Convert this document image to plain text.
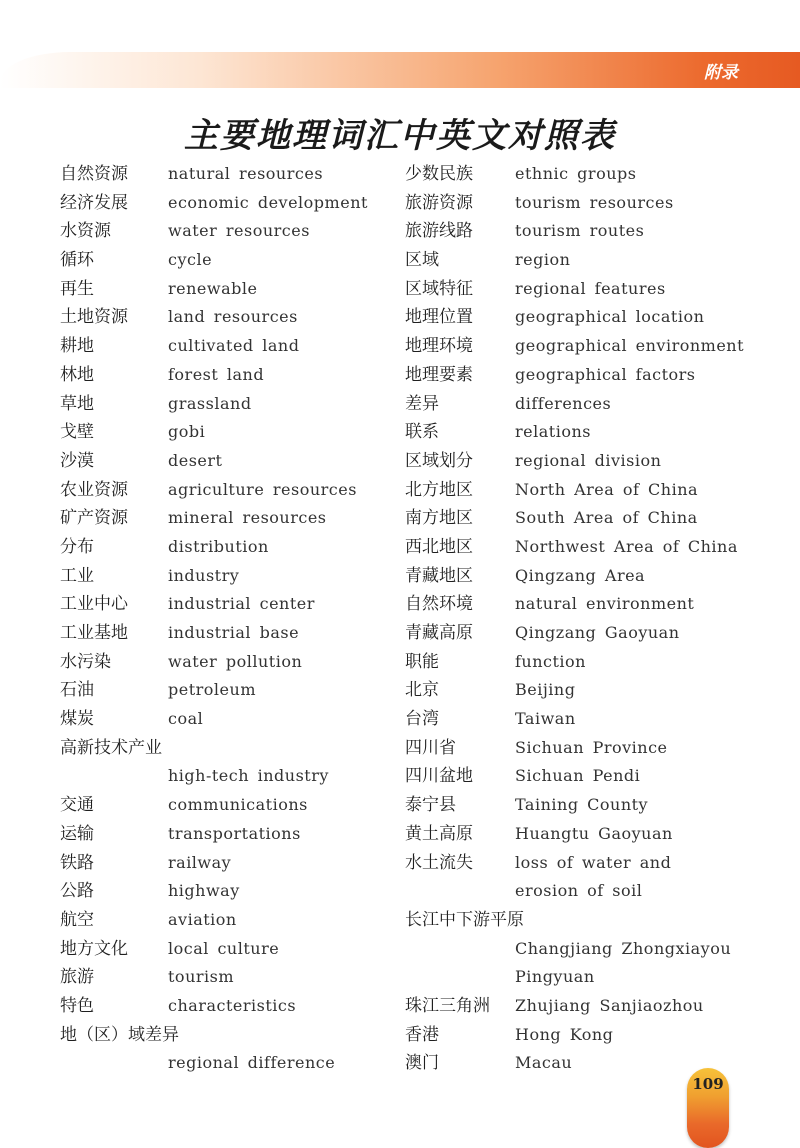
附录
主要地理词汇中英文对照表
自然资源	natural resources
经济发展	economic development
水资源	water resources
循环	cycle
再生	renewable
土地资源	land resources
耕地	cultivated land
林地	forest land
草地	grassland
戈壁	gobi
沙漠	desert
农业资源	agriculture resources
矿产资源	mineral resources
分布	distribution
工业	industry
工业中心	industrial center
工业基地	industrial base
水污染	water pollution
石油	petroleum
煤炭	coal
高新技术产业
high-tech industry
交通	communications
运输	transportations
铁路	railway
公路	highway
航空	aviation
地方文化	local culture
旅游	tourism
特色	characteristics
地（区）域差异
regional difference
少数民族	ethnic groups
旅游资源	tourism resources
旅游线路	tourism routes
区域	region
区域特征	regional features
地理位置	geographical location
地理环境	geographical environment
地理要素	geographical factors
差异	differences
联系	relations
区域划分	regional division
北方地区	North Area of China
南方地区	South Area of China
西北地区	Northwest Area of China
青藏地区	Qingzang Area
自然环境	natural environment
青藏高原	Qingzang Gaoyuan
职能	function
北京	Beijing
台湾	Taiwan
四川省	Sichuan Province
四川盆地	Sichuan Pendi
泰宁县	Taining County
黄土高原	Huangtu Gaoyuan
水土流失	loss of water and
erosion of soil
长江中下游平原
Changjiang Zhongxiayou
Pingyuan
珠江三角洲 Zhujiang Sanjiaozhou
香港	Hong Kong
澳门	Macau
109
